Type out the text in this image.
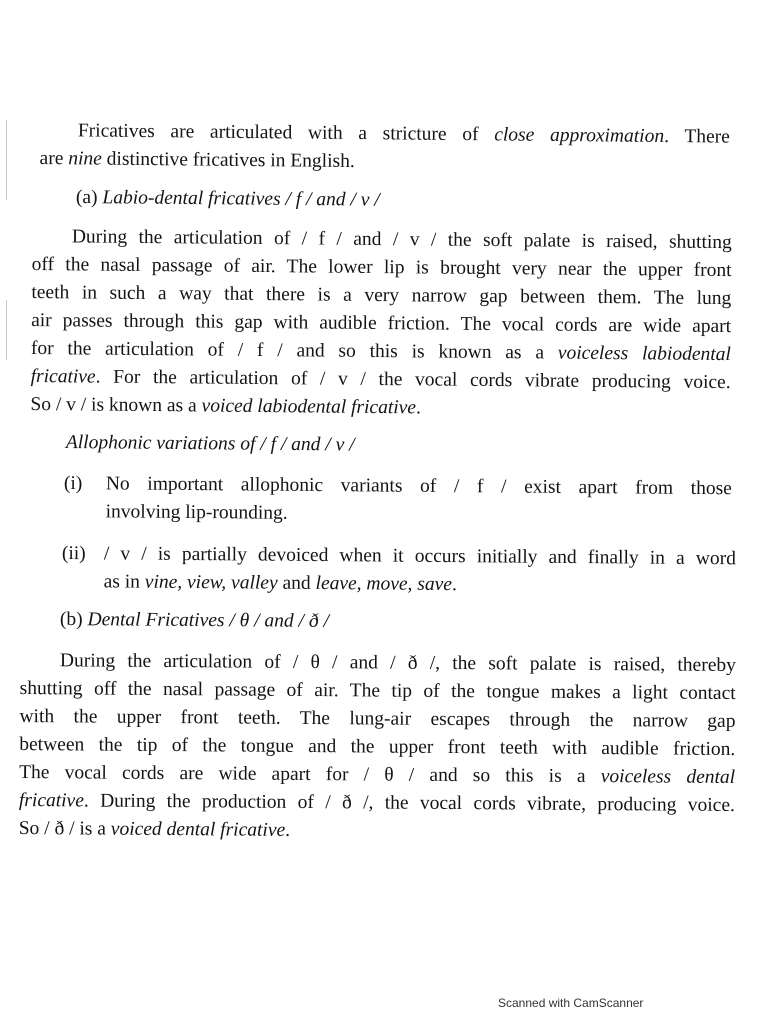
Fricatives are articulated with a stricture of close approximation. There
are nine distinctive fricatives in English.
(a) Labio-dental fricatives / f / and / v /
During the articulation of / f / and / v / the soft palate is raised, shutting
off the nasal passage of air. The lower lip is brought very near the upper front
teeth in such a way that there is a very narrow gap between them. The lung
air passes through this gap with audible friction. The vocal cords are wide apart
for the articulation of / f / and so this is known as a voiceless labiodental
fricative. For the articulation of / v / the vocal cords vibrate producing voice.
So / v / is known as a voiced labiodental fricative.
Allophonic variations of / f / and / v /
(i) No important allophonic variants of / f / exist apart from those
involving lip-rounding.
(ii) / v / is partially devoiced when it occurs initially and finally in a word
as in vine, view, valley and leave, move, save.
(b) Dental Fricatives / θ / and / ð /
During the articulation of / θ / and / ð /, the soft palate is raised, thereby
shutting off the nasal passage of air. The tip of the tongue makes a light contact
with the upper front teeth. The lung-air escapes through the narrow gap
between the tip of the tongue and the upper front teeth with audible friction.
The vocal cords are wide apart for / θ / and so this is a voiceless dental
fricative. During the production of / ð /, the vocal cords vibrate, producing voice.
So / ð / is a voiced dental fricative.
Scanned with CamScanner
